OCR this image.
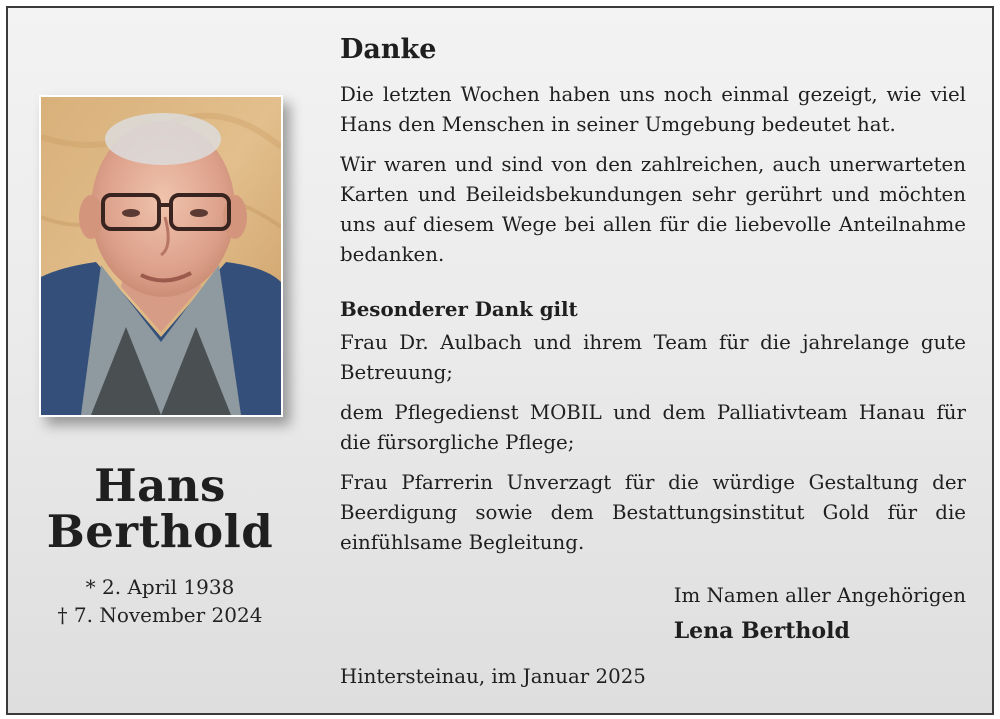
Hans
Berthold
* 2. April 1938
† 7. November 2024
Danke

Die letzten Wochen haben uns noch einmal gezeigt, wie viel Hans den Menschen in seiner Umgebung bedeutet hat.

Wir waren und sind von den zahlreichen, auch unerwarteten Karten und Beileidsbekundungen sehr gerührt und möchten uns auf diesem Wege bei allen für die liebevolle Anteilnahme bedanken.

Besonderer Dank gilt

Frau Dr. Aulbach und ihrem Team für die jahrelange gute Betreuung;

dem Pflegedienst MOBIL und dem Palliativteam Hanau für die fürsorgliche Pflege;

Frau Pfarrerin Unverzagt für die würdige Gestaltung der Beerdigung sowie dem Bestattungsinstitut Gold für die einfühlsame Begleitung.

Im Namen aller Angehörigen
Lena Berthold
Hintersteinau, im Januar 2025
